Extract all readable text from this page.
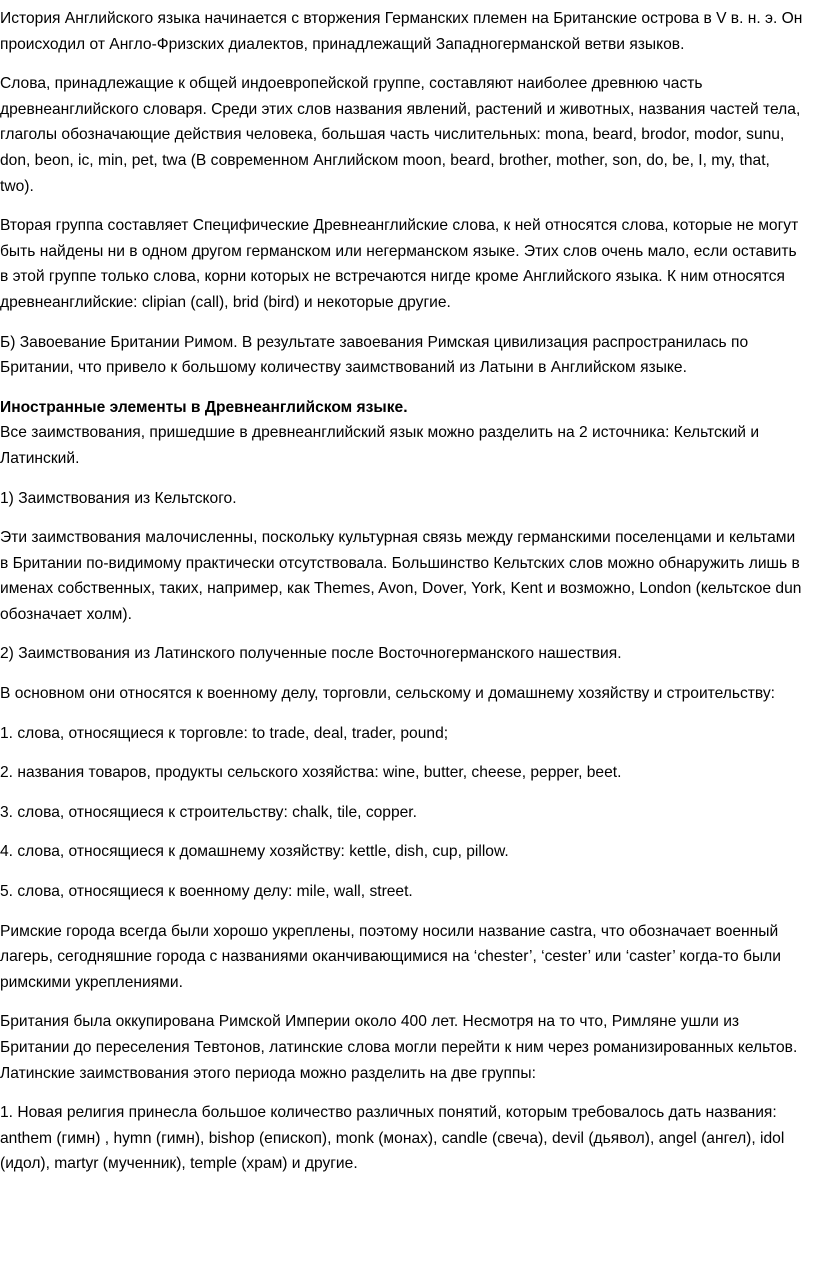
История Английского языка начинается с вторжения Германских племен на Британские острова в V в. н. э. Он происходил от Англо-Фризских диалектов, принадлежащий Западногерманской ветви языков.

Слова, принадлежащие к общей индоевропейской группе, составляют наиболее древнюю часть древнеанглийского словаря. Среди этих слов названия явлений, растений и животных, названия частей тела, глаголы обозначающие действия человека, большая часть числительных: mona, beard, brodor, modor, sunu, don, beon, ic, min, pet, twa (В современном Английском moon, beard, brother, mother, son, do, be, I, my, that, two).

Вторая группа составляет Специфические Древнеанглийские слова, к ней относятся слова, которые не могут быть найдены ни в одном другом германском или негерманском языке. Этих слов очень мало, если оставить в этой группе только слова, корни которых не встречаются нигде кроме Английского языка. К ним относятся древнеанглийские: clipian (call), brid (bird) и некоторые другие.

Б) Завоевание Британии Римом. В результате завоевания Римская цивилизация распространилась по Британии, что привело к большому количеству заимствований из Латыни в Английском языке.

Иностранные элементы в Древнеанглийском языке.

Все заимствования, пришедшие в древнеанглийский язык можно разделить на 2 источника: Кельтский и Латинский.

1) Заимствования из Кельтского.

Эти заимствования малочисленны, поскольку культурная связь между германскими поселенцами и кельтами в Британии по-видимому практически отсутствовала. Большинство Кельтских слов можно обнаружить лишь в именах собственных, таких, например, как Themes, Avon, Dover, York, Kent и возможно, London (кельтское dun обозначает холм).

2) Заимствования из Латинского полученные после Восточногерманского нашествия.

В основном они относятся к военному делу, торговли, сельскому и домашнему хозяйству и строительству:

1. слова, относящиеся к торговле: to trade, deal, trader, pound;

2. названия товаров, продукты сельского хозяйства: wine, butter, cheese, pepper, beet.

3. слова, относящиеся к строительству: chalk, tile, copper.

4. слова, относящиеся к домашнему хозяйству: kettle, dish, cup, pillow.

5. слова, относящиеся к военному делу: mile, wall, street.

Римские города всегда были хорошо укреплены, поэтому носили название castra, что обозначает военный лагерь, сегодняшние города с названиями оканчивающимися на ‘chester’, ‘cester’ или ‘caster’ когда-то были римскими укреплениями.

Британия была оккупирована Римской Империи около 400 лет. Несмотря на то что, Римляне ушли из Британии до переселения Тевтонов, латинские слова могли перейти к ним через романизированных кельтов. Латинские заимствования этого периода можно разделить на две группы:

1. Новая религия принесла большое количество различных понятий, которым требовалось дать названия: anthem (гимн) , hymn (гимн), bishop (епископ), monk (монах), candle (свеча), devil (дьявол), angel (ангел), idol (идол), martyr (мученник), temple (храм) и другие.
